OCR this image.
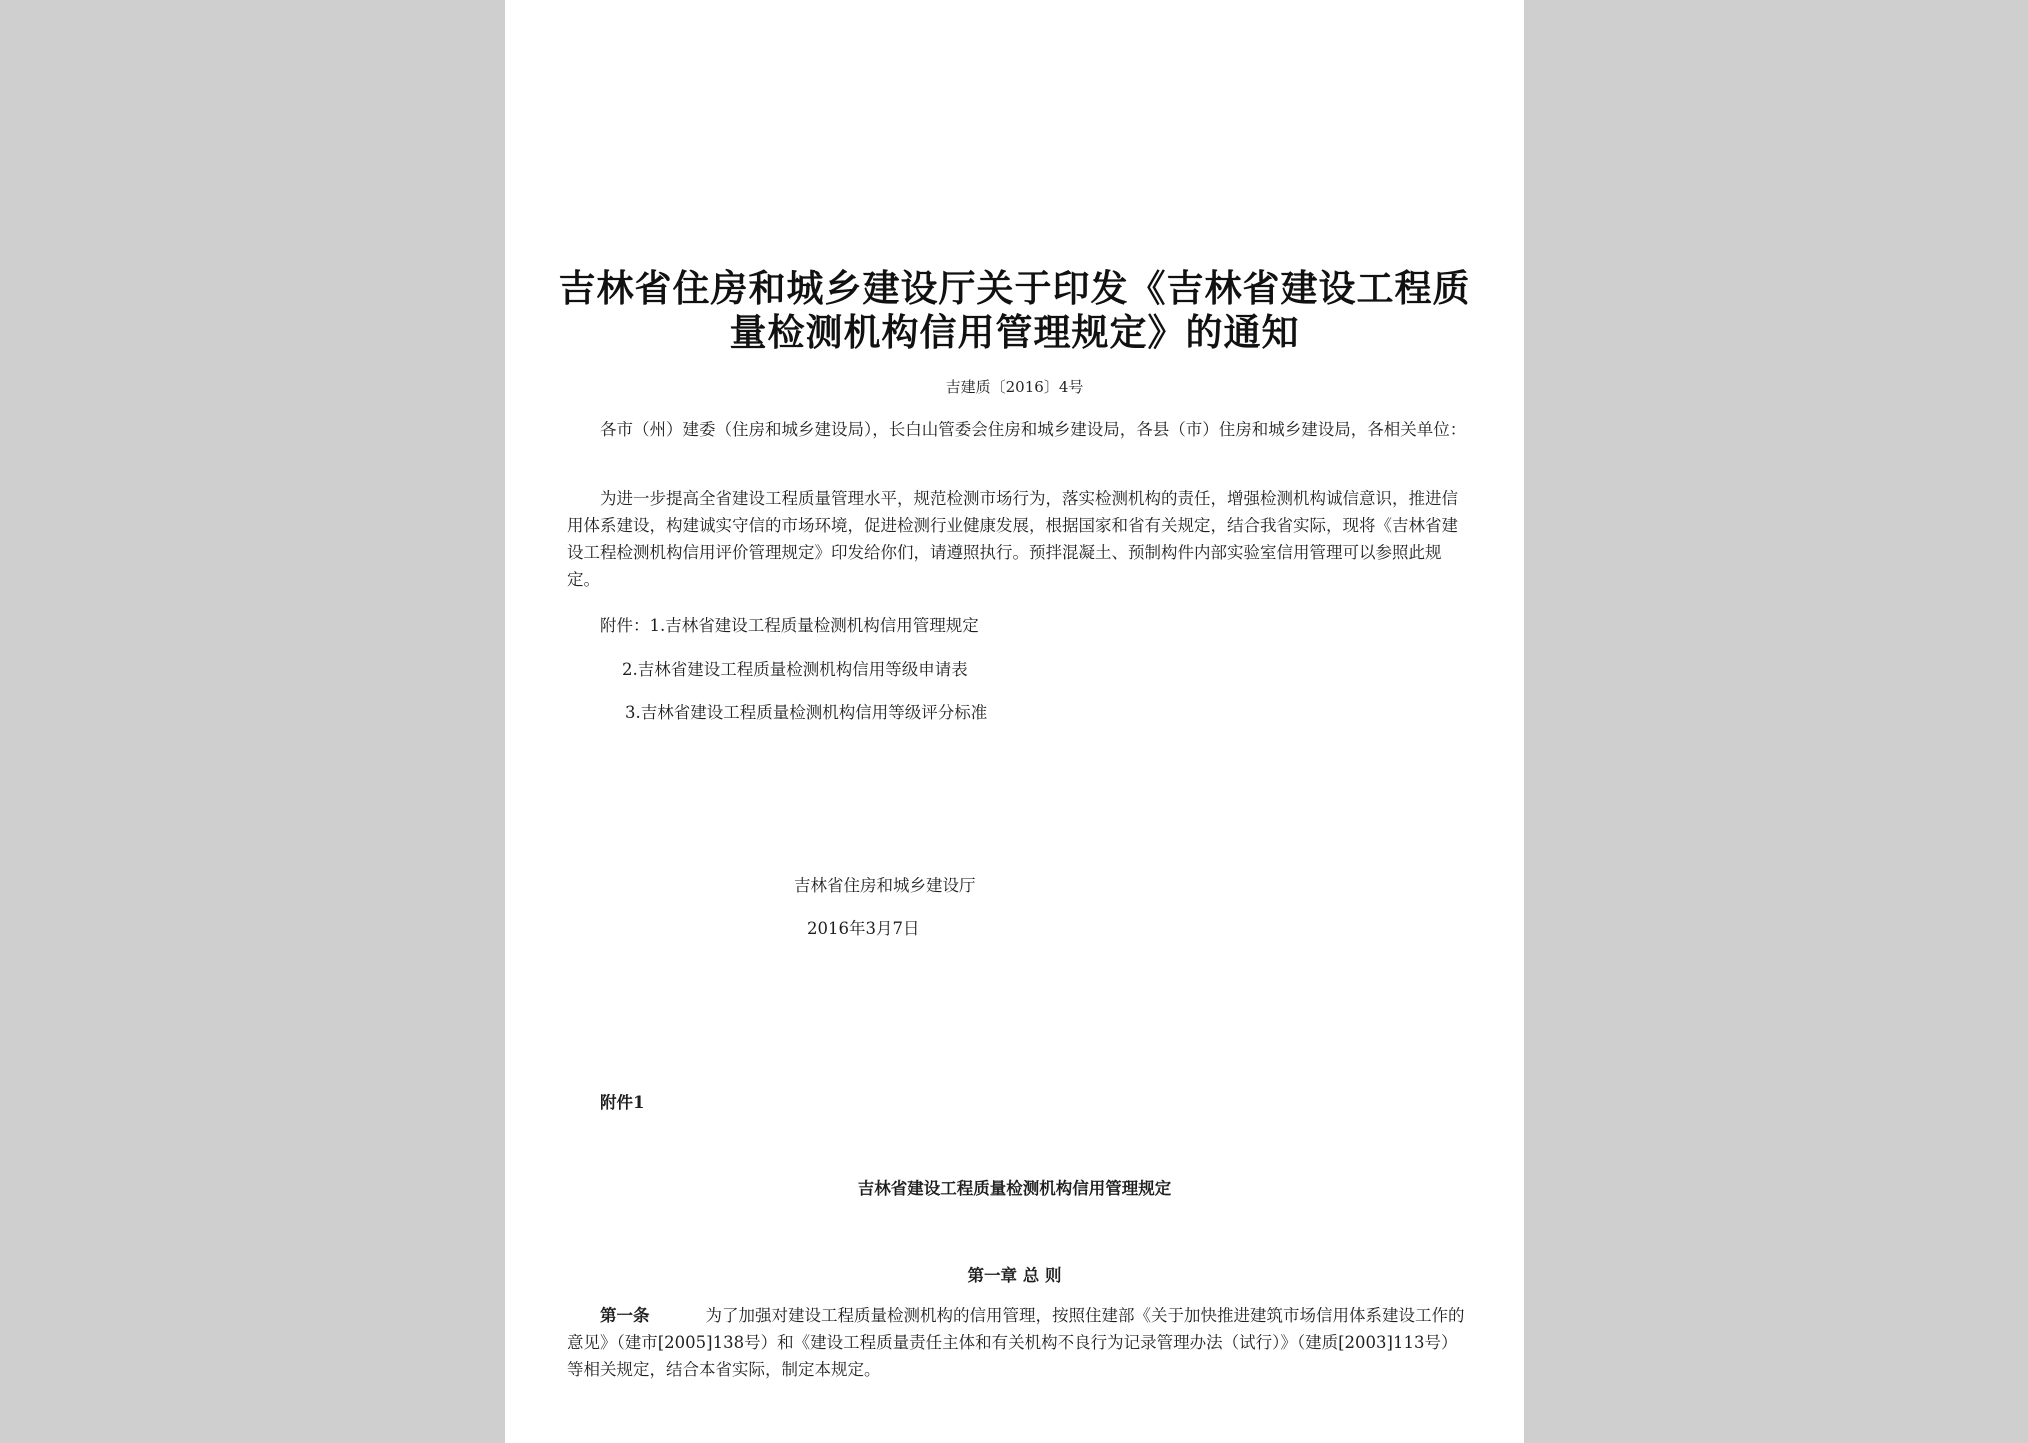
吉林省住房和城乡建设厅关于印发《吉林省建设工程质
量检测机构信用管理规定》的通知
吉建质〔2016〕4号

各市（州）建委（住房和城乡建设局），长白山管委会住房和城乡建设局，各县（市）住房和城乡建设局，各相关单位：

为进一步提高全省建设工程质量管理水平，规范检测市场行为，落实检测机构的责任，增强检测机构诚信意识，推进信用体系建设，构建诚实守信的市场环境，促进检测行业健康发展，根据国家和省有关规定，结合我省实际，现将《吉林省建设工程检测机构信用评价管理规定》印发给你们，请遵照执行。预拌混凝土、预制构件内部实验室信用管理可以参照此规定。

附件：1.吉林省建设工程质量检测机构信用管理规定
2.吉林省建设工程质量检测机构信用等级申请表
3.吉林省建设工程质量检测机构信用等级评分标准
吉林省住房和城乡建设厅
2016年3月7日
附件1
吉林省建设工程质量检测机构信用管理规定
第一章 总 则

第一条	为了加强对建设工程质量检测机构的信用管理，按照住建部《关于加快推进建筑市场信用体系建设工作的意见》（建市[2005]138号）和《建设工程质量责任主体和有关机构不良行为记录管理办法（试行）》（建质[2003]113号）等相关规定，结合本省实际，制定本规定。
